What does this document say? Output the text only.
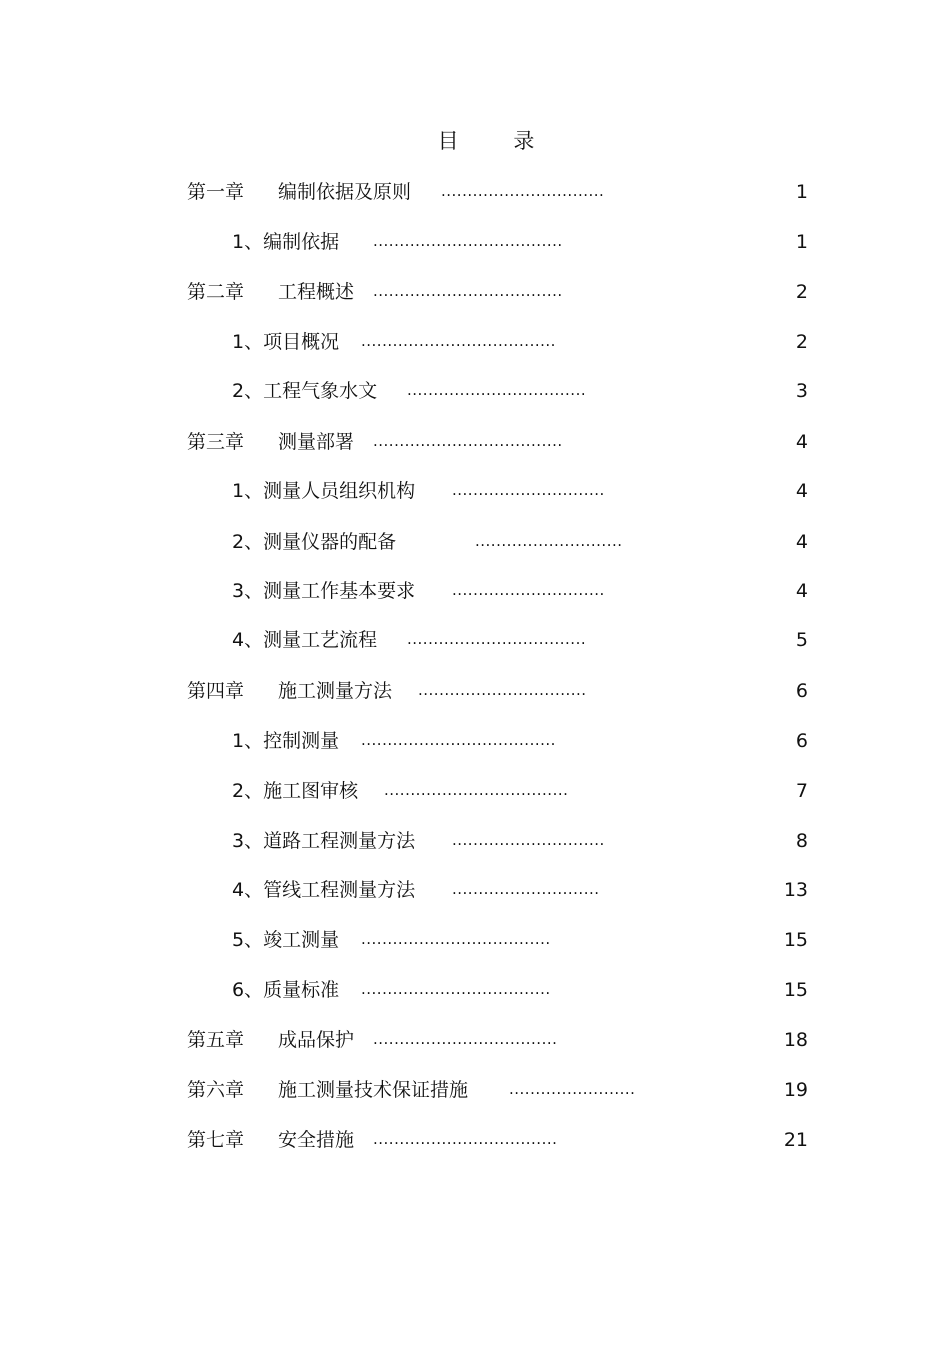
目 录
第一章 编制依据及原则 ...............................	1
1、编制依据 ....................................	1
第二章 工程概述 ....................................	2
1、项目概况 .....................................	2
2、工程气象水文 ..................................	3
第三章 测量部署 ....................................	4
1、测量人员组织机构 .............................	4
2、测量仪器的配备	............................	4
3、测量工作基本要求 .............................	4
4、测量工艺流程 ..................................	5
第四章 施工测量方法 ................................	6
1、控制测量 .....................................	6
2、施工图审核 ...................................	7
3、道路工程测量方法 .............................	8
4、管线工程测量方法 ............................	13
5、竣工测量 ....................................	15
6、质量标准 ....................................	15
第五章 成品保护 ...................................	18
第六章 施工测量技术保证措施	........................	19
第七章 安全措施 ...................................	21
